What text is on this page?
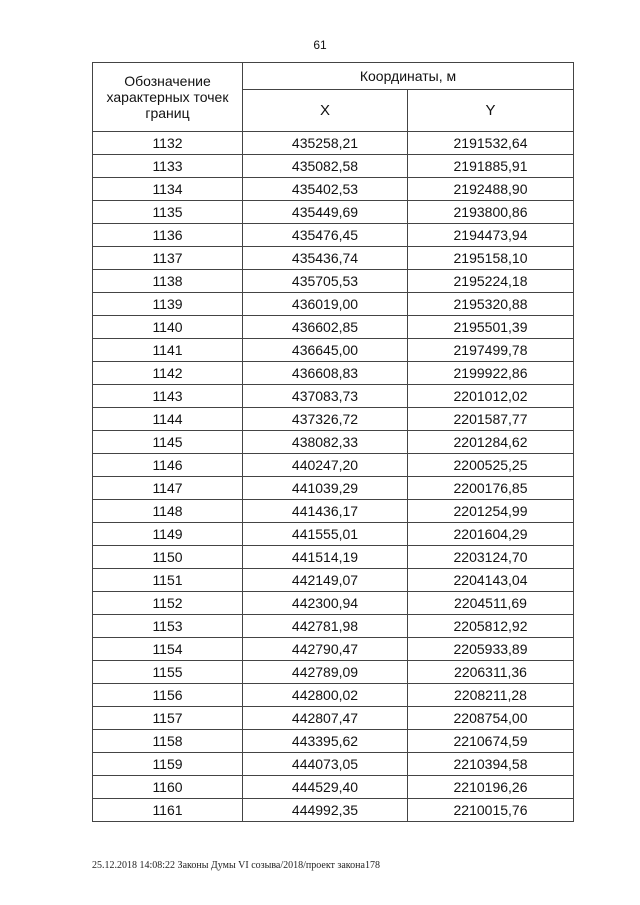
61
Обозначение характерных точек границ	Координаты, м	
	X	Y
1132	435258,21	2191532,64
1133	435082,58	2191885,91
1134	435402,53	2192488,90
1135	435449,69	2193800,86
1136	435476,45	2194473,94
1137	435436,74	2195158,10
1138	435705,53	2195224,18
1139	436019,00	2195320,88
1140	436602,85	2195501,39
1141	436645,00	2197499,78
1142	436608,83	2199922,86
1143	437083,73	2201012,02
1144	437326,72	2201587,77
1145	438082,33	2201284,62
1146	440247,20	2200525,25
1147	441039,29	2200176,85
1148	441436,17	2201254,99
1149	441555,01	2201604,29
1150	441514,19	2203124,70
1151	442149,07	2204143,04
1152	442300,94	2204511,69
1153	442781,98	2205812,92
1154	442790,47	2205933,89
1155	442789,09	2206311,36
1156	442800,02	2208211,28
1157	442807,47	2208754,00
1158	443395,62	2210674,59
1159	444073,05	2210394,58
1160	444529,40	2210196,26
1161	444992,35	2210015,76
25.12.2018 14:08:22 Законы Думы VI созыва/2018/проект закона178
